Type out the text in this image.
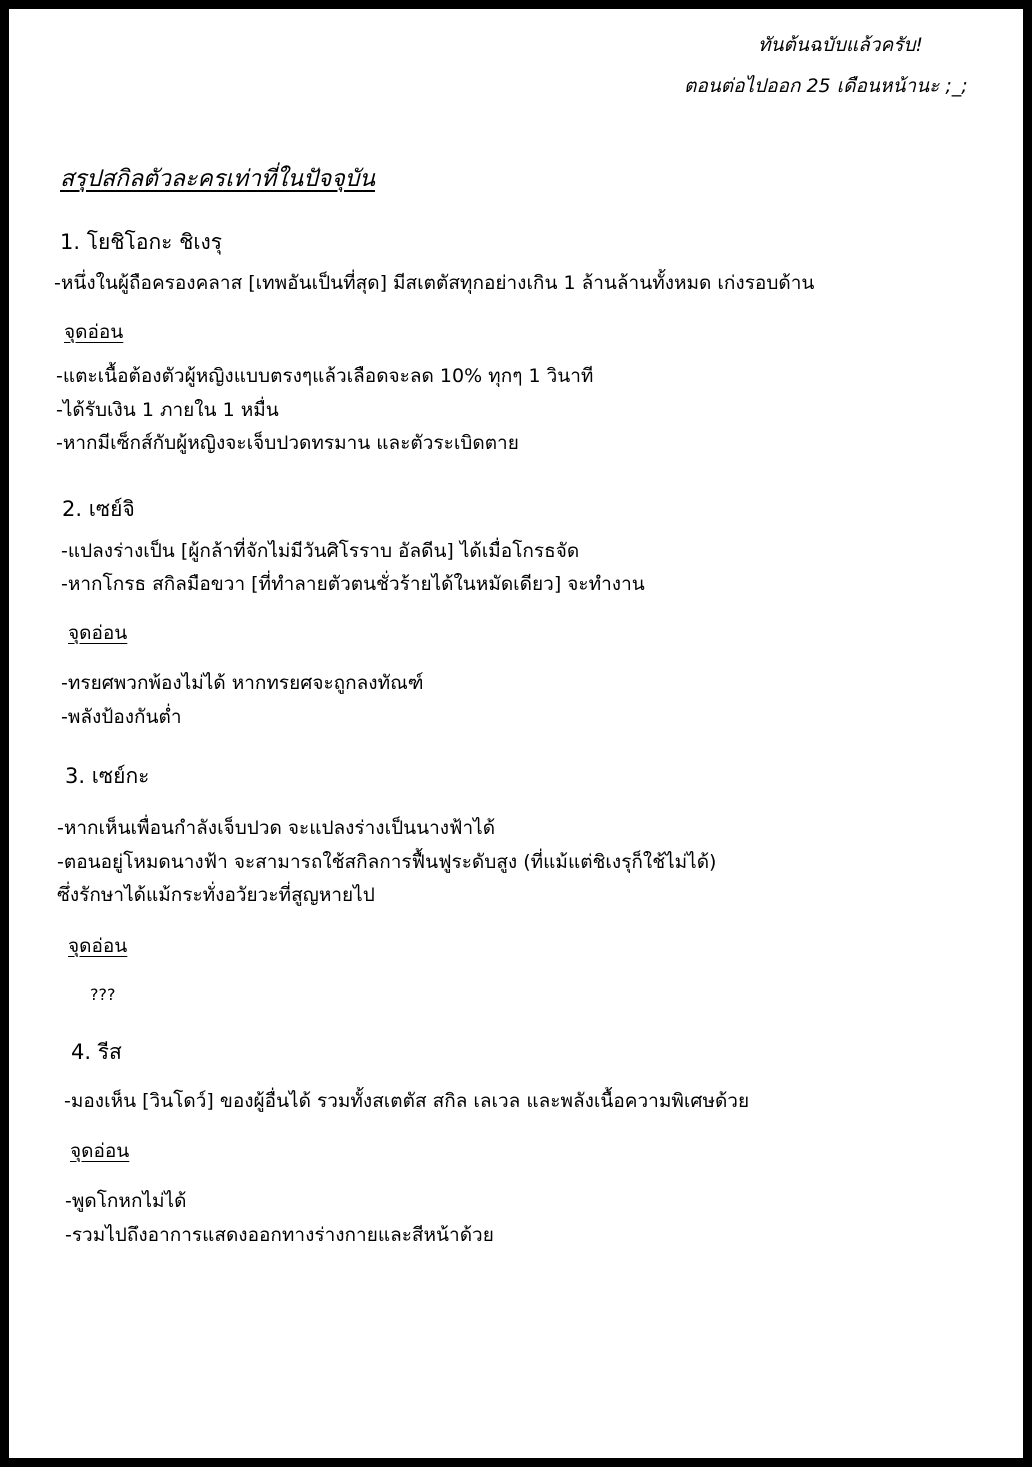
ทันต้นฉบับแล้วครับ!
ตอนต่อไปออก 25 เดือนหน้านะ ;_;
สรุปสกิลตัวละครเท่าที่ในปัจจุบัน
1. โยชิโอกะ ชิเงรุ
-หนึ่งในผู้ถือครองคลาส [เทพอันเป็นที่สุด] มีสเตตัสทุกอย่างเกิน 1 ล้านล้านทั้งหมด เก่งรอบด้าน
จุดอ่อน
-แตะเนื้อต้องตัวผู้หญิงแบบตรงๆแล้วเลือดจะลด 10% ทุกๆ 1 วินาที
-ได้รับเงิน 1 ภายใน 1 หมื่น
-หากมีเซ็กส์กับผู้หญิงจะเจ็บปวดทรมาน และตัวระเบิดตาย
2. เซย์จิ
-แปลงร่างเป็น [ผู้กล้าที่จักไม่มีวันศิโรราบ อัลดีน] ได้เมื่อโกรธจัด
-หากโกรธ สกิลมือขวา [ที่ทำลายตัวตนชั่วร้ายได้ในหมัดเดียว] จะทำงาน
จุดอ่อน
-ทรยศพวกพ้องไม่ได้ หากทรยศจะถูกลงทัณฑ์
-พลังป้องกันต่ำ
3. เซย์กะ
-หากเห็นเพื่อนกำลังเจ็บปวด จะแปลงร่างเป็นนางฟ้าได้
-ตอนอยู่โหมดนางฟ้า จะสามารถใช้สกิลการฟื้นฟูระดับสูง (ที่แม้แต่ชิเงรุก็ใช้ไม่ได้)
ซึ่งรักษาได้แม้กระทั่งอวัยวะที่สูญหายไป
จุดอ่อน
???
4. รีส
-มองเห็น [วินโดว์] ของผู้อื่นได้ รวมทั้งสเตตัส สกิล เลเวล และพลังเนื้อความพิเศษด้วย
จุดอ่อน
-พูดโกหกไม่ได้
-รวมไปถึงอาการแสดงออกทางร่างกายและสีหน้าด้วย
